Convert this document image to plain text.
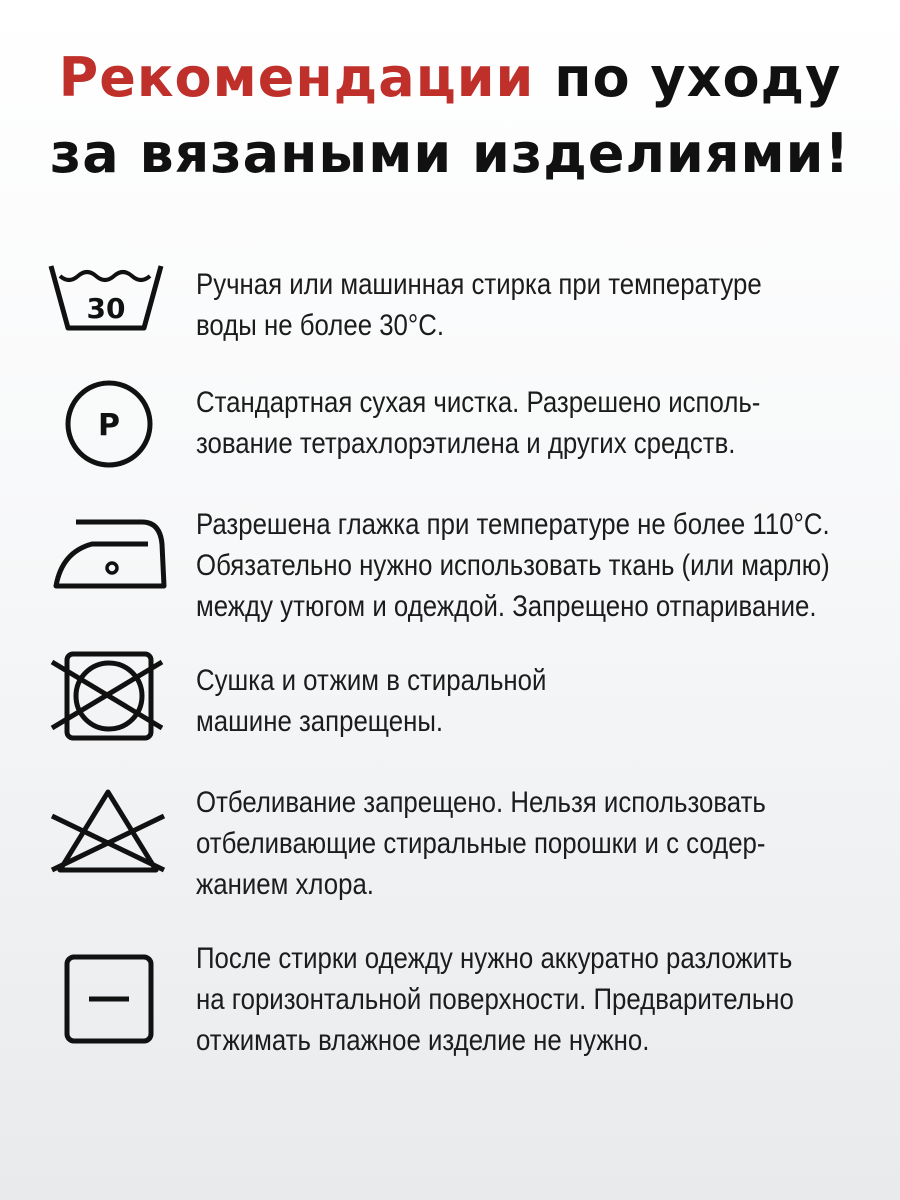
Рекомендации по уходу
за вязаными изделиями!
30
Ручная или машинная стирка при температуре
воды не более 30°С.
P
Стандартная сухая чистка. Разрешено исполь-
зование тетрахлорэтилена и других средств.
Разрешена глажка при температуре не более 110°С.
Обязательно нужно использовать ткань (или марлю)
между утюгом и одеждой. Запрещено отпаривание.
Сушка и отжим в стиральной
машине запрещены.
Отбеливание запрещено. Нельзя использовать
отбеливающие стиральные порошки и с содер-
жанием хлора.
После стирки одежду нужно аккуратно разложить
на горизонтальной поверхности. Предварительно
отжимать влажное изделие не нужно.
